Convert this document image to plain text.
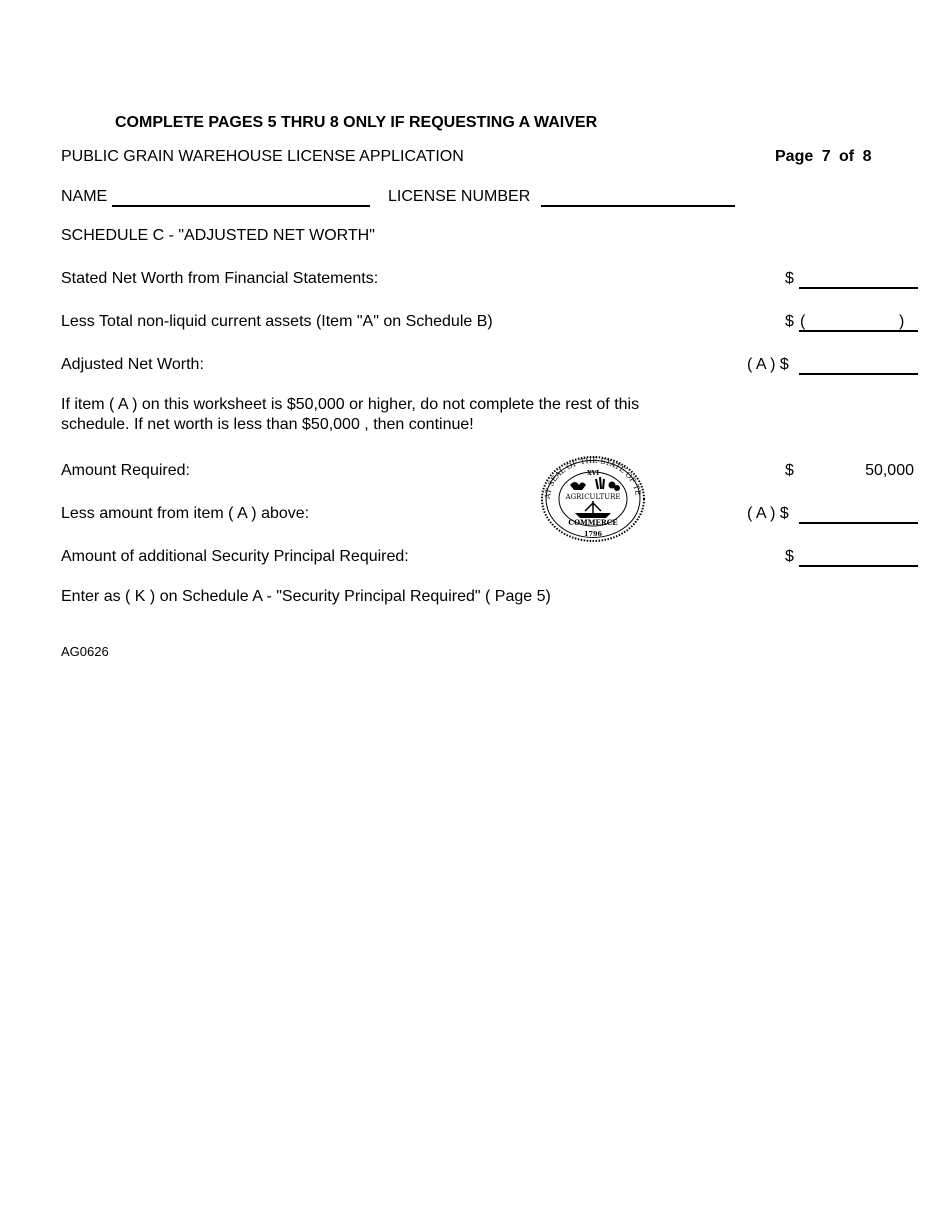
COMPLETE PAGES 5 THRU 8 ONLY IF REQUESTING A WAIVER
PUBLIC GRAIN WAREHOUSE LICENSE APPLICATION	Page 7 of 8
NAME	LICENSE NUMBER
SCHEDULE C - "ADJUSTED NET WORTH"
Stated Net Worth from Financial Statements:	$
Less Total non-liquid current assets (Item "A" on Schedule B)	$ (	)
Adjusted Net Worth:	( A ) $
If item ( A ) on this worksheet is $50,000 or higher, do not complete the rest of this
schedule. If net worth is less than $50,000 , then continue!
Amount Required:	$	50,000
Less amount from item ( A ) above:	( A ) $
Amount of additional Security Principal Required:	$
Enter as ( K ) on Schedule A - "Security Principal Required" ( Page 5)
AG0626
AT SEAL OF THE STATE OF TE
XVI
AGRICULTURE
COMMERCE
1796
